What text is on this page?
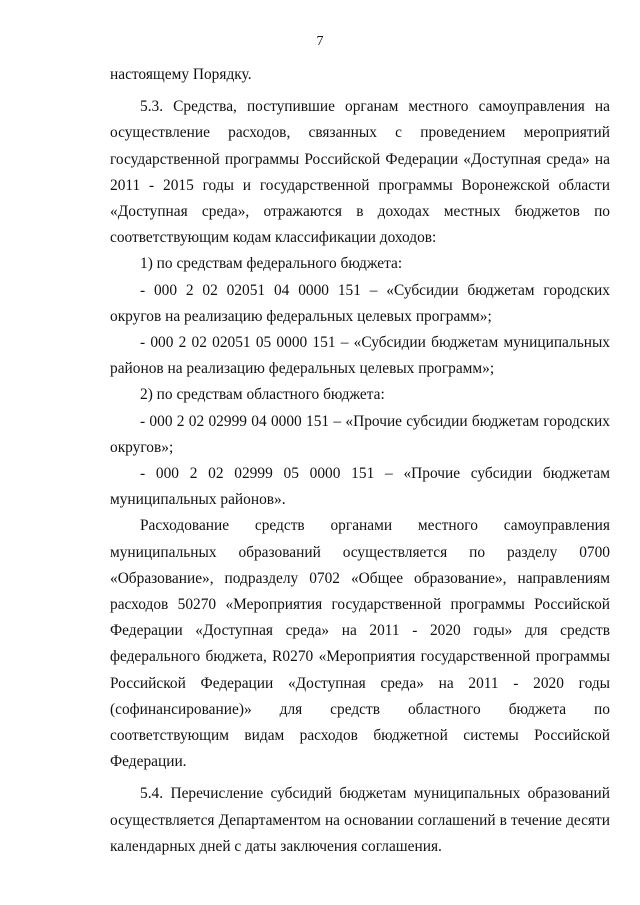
7

настоящему Порядку.

5.3. Средства, поступившие органам местного самоуправления на осуществление расходов, связанных с проведением мероприятий государственной программы Российской Федерации «Доступная среда» на 2011 - 2015 годы и государственной программы Воронежской области «Доступная среда», отражаются в доходах местных бюджетов по соответствующим кодам классификации доходов:

1) по средствам федерального бюджета:

- 000 2 02 02051 04 0000 151 – «Субсидии бюджетам городских округов на реализацию федеральных целевых программ»;

- 000 2 02 02051 05 0000 151 – «Субсидии бюджетам муниципальных районов на реализацию федеральных целевых программ»;

2) по средствам областного бюджета:

- 000 2 02 02999 04 0000 151 – «Прочие субсидии бюджетам городских округов»;

- 000 2 02 02999 05 0000 151 – «Прочие субсидии бюджетам муниципальных районов».

Расходование средств органами местного самоуправления муниципальных образований осуществляется по разделу 0700 «Образование», подразделу 0702 «Общее образование», направлениям расходов 50270 «Мероприятия государственной программы Российской Федерации «Доступная среда» на 2011 - 2020 годы» для средств федерального бюджета, R0270 «Мероприятия государственной программы Российской Федерации «Доступная среда» на 2011 - 2020 годы (софинансирование)» для средств областного бюджета по соответствующим видам расходов бюджетной системы Российской Федерации.

5.4. Перечисление субсидий бюджетам муниципальных образований осуществляется Департаментом на основании соглашений в течение десяти календарных дней с даты заключения соглашения.
